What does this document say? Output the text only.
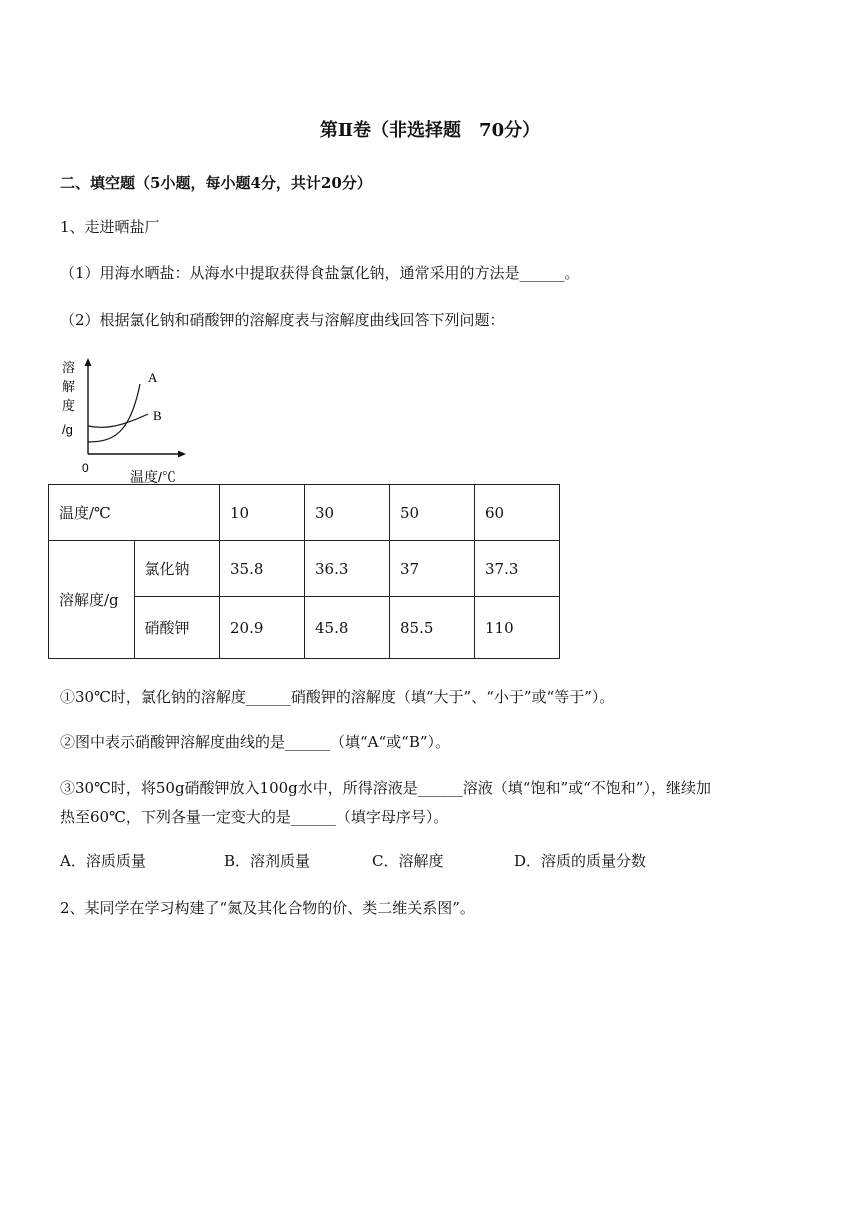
第Ⅱ卷（非选择题　70分）
二、填空题（5小题，每小题4分，共计20分）
1、走进晒盐厂
（1）用海水晒盐：从海水中提取获得食盐氯化钠，通常采用的方法是______。
（2）根据氯化钠和硝酸钾的溶解度表与溶解度曲线回答下列问题：
A
B
溶
解
度
/g
0
温度/℃
温度/℃		10	30	50	60
溶解度/g	氯化钠	35.8	36.3	37	37.3
	硝酸钾	20.9	45.8	85.5	110
①30℃时，氯化钠的溶解度______硝酸钾的溶解度（填“大于”、“小于”或“等于”）。
②图中表示硝酸钾溶解度曲线的是______（填“A“或“B”）。
③30℃时，将50g硝酸钾放入100g水中，所得溶液是______溶液（填“饱和”或“不饱和”），继续加
热至60℃，下列各量一定变大的是______（填字母序号）。
A．溶质质量	B．溶剂质量	C．溶解度	D．溶质的质量分数
2、某同学在学习构建了“氮及其化合物的价、类二维关系图”。
